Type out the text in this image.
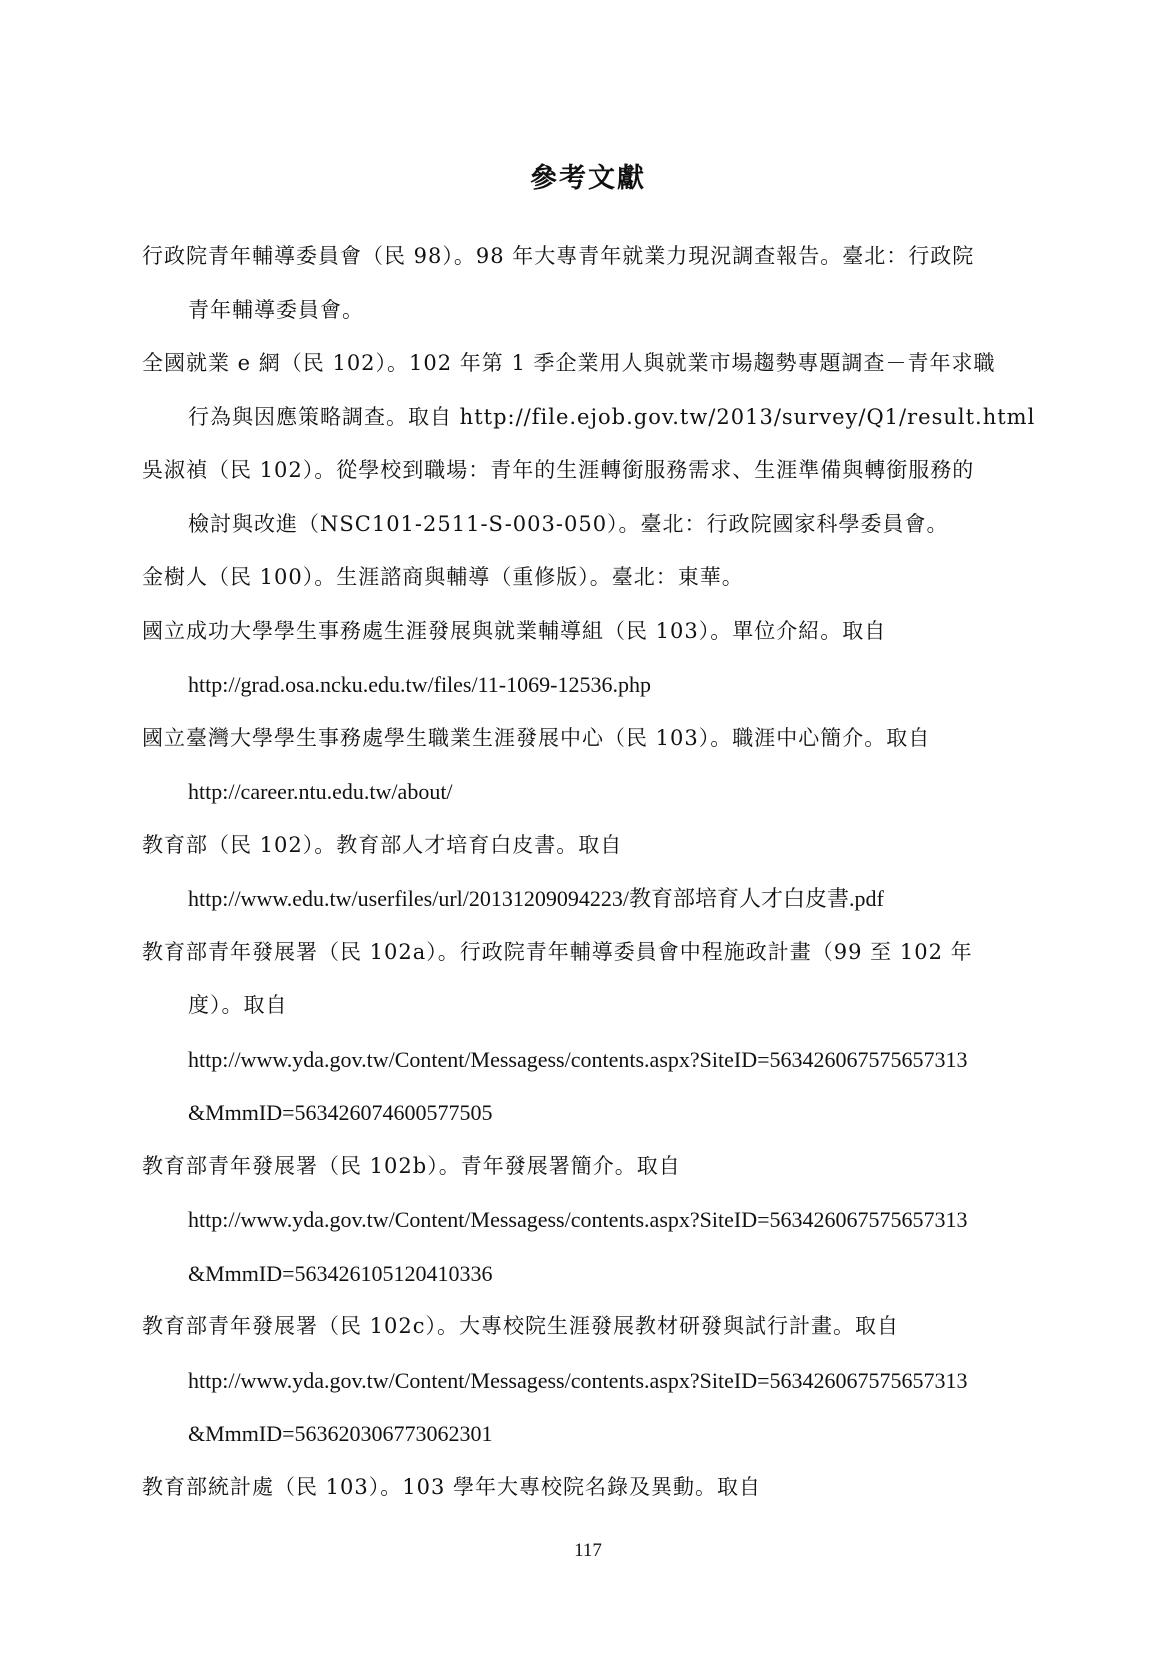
參考文獻
行政院青年輔導委員會（民 98）。98 年大專青年就業力現況調查報告。臺北：行政院
青年輔導委員會。
全國就業 e 網（民 102）。102 年第 1 季企業用人與就業市場趨勢專題調查－青年求職
行為與因應策略調查。取自 http://file.ejob.gov.tw/2013/survey/Q1/result.html
吳淑禎（民 102）。從學校到職場：青年的生涯轉銜服務需求、生涯準備與轉銜服務的
檢討與改進（NSC101-2511-S-003-050）。臺北：行政院國家科學委員會。
金樹人（民 100）。生涯諮商與輔導（重修版）。臺北：東華。
國立成功大學學生事務處生涯發展與就業輔導組（民 103）。單位介紹。取自
http://grad.osa.ncku.edu.tw/files/11-1069-12536.php
國立臺灣大學學生事務處學生職業生涯發展中心（民 103）。職涯中心簡介。取自
http://career.ntu.edu.tw/about/
教育部（民 102）。教育部人才培育白皮書。取自
http://www.edu.tw/userfiles/url/20131209094223/教育部培育人才白皮書.pdf
教育部青年發展署（民 102a）。行政院青年輔導委員會中程施政計畫（99 至 102 年
度）。取自
http://www.yda.gov.tw/Content/Messagess/contents.aspx?SiteID=563426067575657313
&MmmID=563426074600577505
教育部青年發展署（民 102b）。青年發展署簡介。取自
http://www.yda.gov.tw/Content/Messagess/contents.aspx?SiteID=563426067575657313
&MmmID=563426105120410336
教育部青年發展署（民 102c）。大專校院生涯發展教材研發與試行計畫。取自
http://www.yda.gov.tw/Content/Messagess/contents.aspx?SiteID=563426067575657313
&MmmID=563620306773062301
教育部統計處（民 103）。103 學年大專校院名錄及異動。取自
117
